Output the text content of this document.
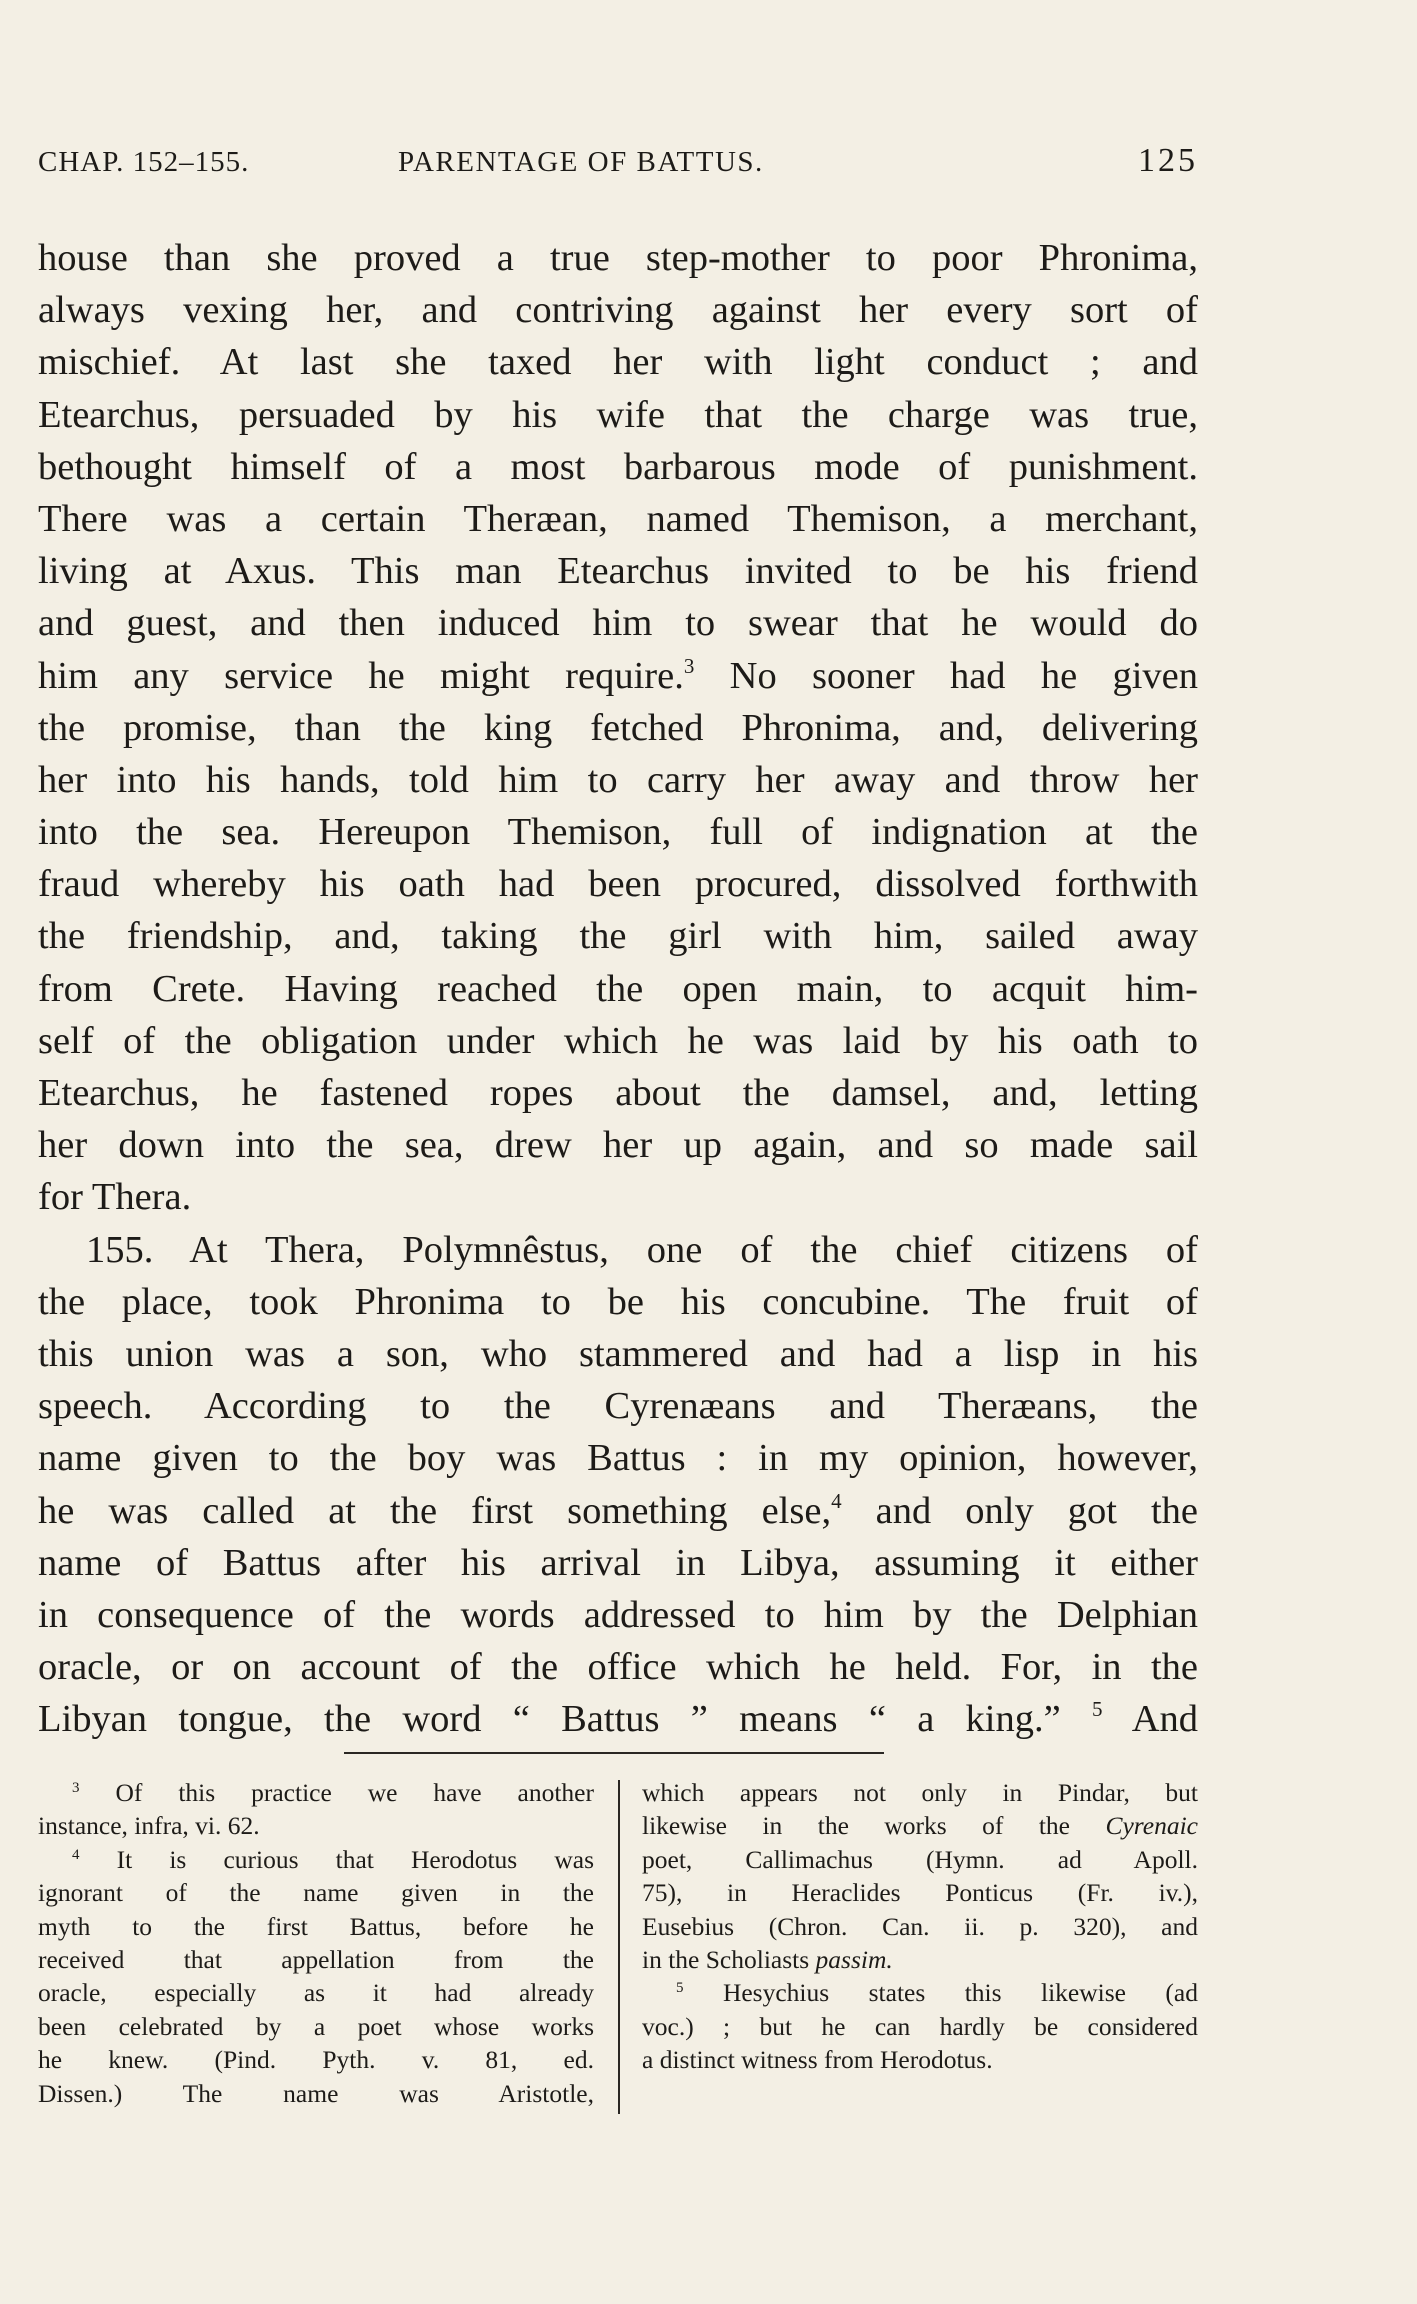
CHAP. 152–155.	PARENTAGE OF BATTUS.	125
house than she proved a true step-mother to poor Phronima,
always vexing her, and contriving against her every sort of
mischief. At last she taxed her with light conduct ; and
Etearchus, persuaded by his wife that the charge was true,
bethought himself of a most barbarous mode of punishment.
There was a certain Theræan, named Themison, a merchant,
living at Axus. This man Etearchus invited to be his friend
and guest, and then induced him to swear that he would do
him any service he might require.$^3$ No sooner had he given
the promise, than the king fetched Phronima, and, delivering
her into his hands, told him to carry her away and throw her
into the sea. Hereupon Themison, full of indignation at the
fraud whereby his oath had been procured, dissolved forthwith
the friendship, and, taking the girl with him, sailed away
from Crete. Having reached the open main, to acquit him-
self of the obligation under which he was laid by his oath to
Etearchus, he fastened ropes about the damsel, and, letting
her down into the sea, drew her up again, and so made sail
for Thera.
155. At Thera, Polymnêstus, one of the chief citizens of
the place, took Phronima to be his concubine. The fruit of
this union was a son, who stammered and had a lisp in his
speech. According to the Cyrenæans and Theræans, the
name given to the boy was Battus : in my opinion, however,
he was called at the first something else,$^4$ and only got the
name of Battus after his arrival in Libya, assuming it either
in consequence of the words addressed to him by the Delphian
oracle, or on account of the office which he held. For, in the
Libyan tongue, the word “ Battus ” means “ a king.” $^5$ And
$^3$ Of this practice we have another
instance, infra, vi. 62.
$^4$ It is curious that Herodotus was
ignorant of the name given in the
myth to the first Battus, before he
received that appellation from the
oracle, especially as it had already
been celebrated by a poet whose works
he knew. (Pind. Pyth. v. 81, ed.
Dissen.) The name was Aristotle,
which appears not only in Pindar, but
likewise in the works of the Cyrenaic
poet, Callimachus (Hymn. ad Apoll.
75), in Heraclides Ponticus (Fr. iv.),
Eusebius (Chron. Can. ii. p. 320), and
in the Scholiasts passim.
$^5$ Hesychius states this likewise (ad
voc.) ; but he can hardly be considered
a distinct witness from Herodotus.
